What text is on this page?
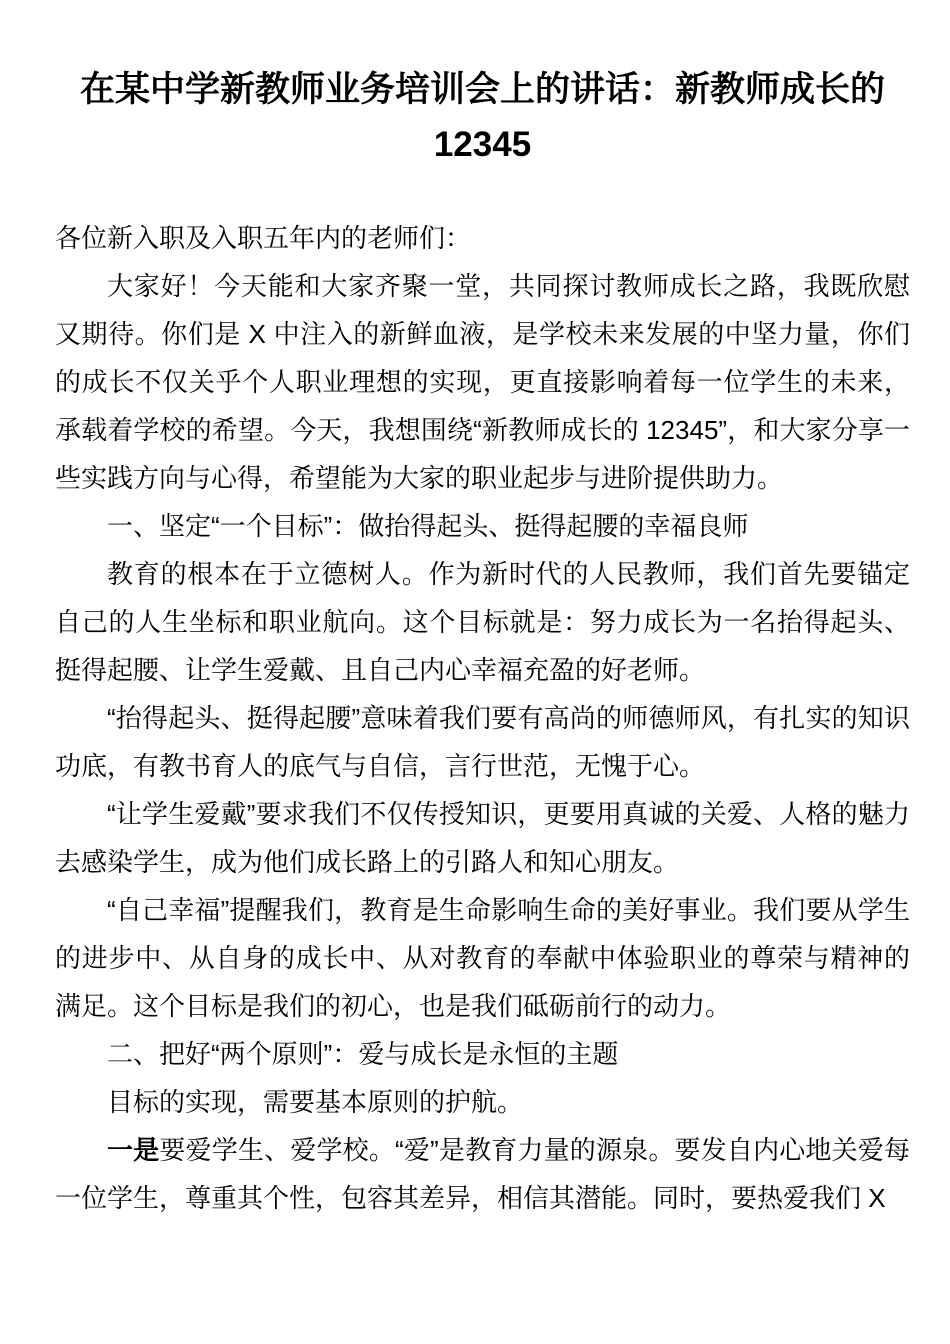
在某中学新教师业务培训会上的讲话：新教师成长的12345

各位新入职及入职五年内的老师们：

大家好！今天能和大家齐聚一堂，共同探讨教师成长之路，我既欣慰又期待。你们是 X 中注入的新鲜血液，是学校未来发展的中坚力量，你们的成长不仅关乎个人职业理想的实现，更直接影响着每一位学生的未来，承载着学校的希望。今天，我想围绕“新教师成长的 12345”，和大家分享一些实践方向与心得，希望能为大家的职业起步与进阶提供助力。

一、坚定“一个目标”：做抬得起头、挺得起腰的幸福良师

教育的根本在于立德树人。作为新时代的人民教师，我们首先要锚定自己的人生坐标和职业航向。这个目标就是：努力成长为一名抬得起头、挺得起腰、让学生爱戴、且自己内心幸福充盈的好老师。

“抬得起头、挺得起腰”意味着我们要有高尚的师德师风，有扎实的知识功底，有教书育人的底气与自信，言行世范，无愧于心。

“让学生爱戴”要求我们不仅传授知识，更要用真诚的关爱、人格的魅力去感染学生，成为他们成长路上的引路人和知心朋友。

“自己幸福”提醒我们，教育是生命影响生命的美好事业。我们要从学生的进步中、从自身的成长中、从对教育的奉献中体验职业的尊荣与精神的满足。这个目标是我们的初心，也是我们砥砺前行的动力。

二、把好“两个原则”：爱与成长是永恒的主题

目标的实现，需要基本原则的护航。

一是要爱学生、爱学校。“爱”是教育力量的源泉。要发自内心地关爱每一位学生，尊重其个性，包容其差异，相信其潜能。同时，要热爱我们 X
